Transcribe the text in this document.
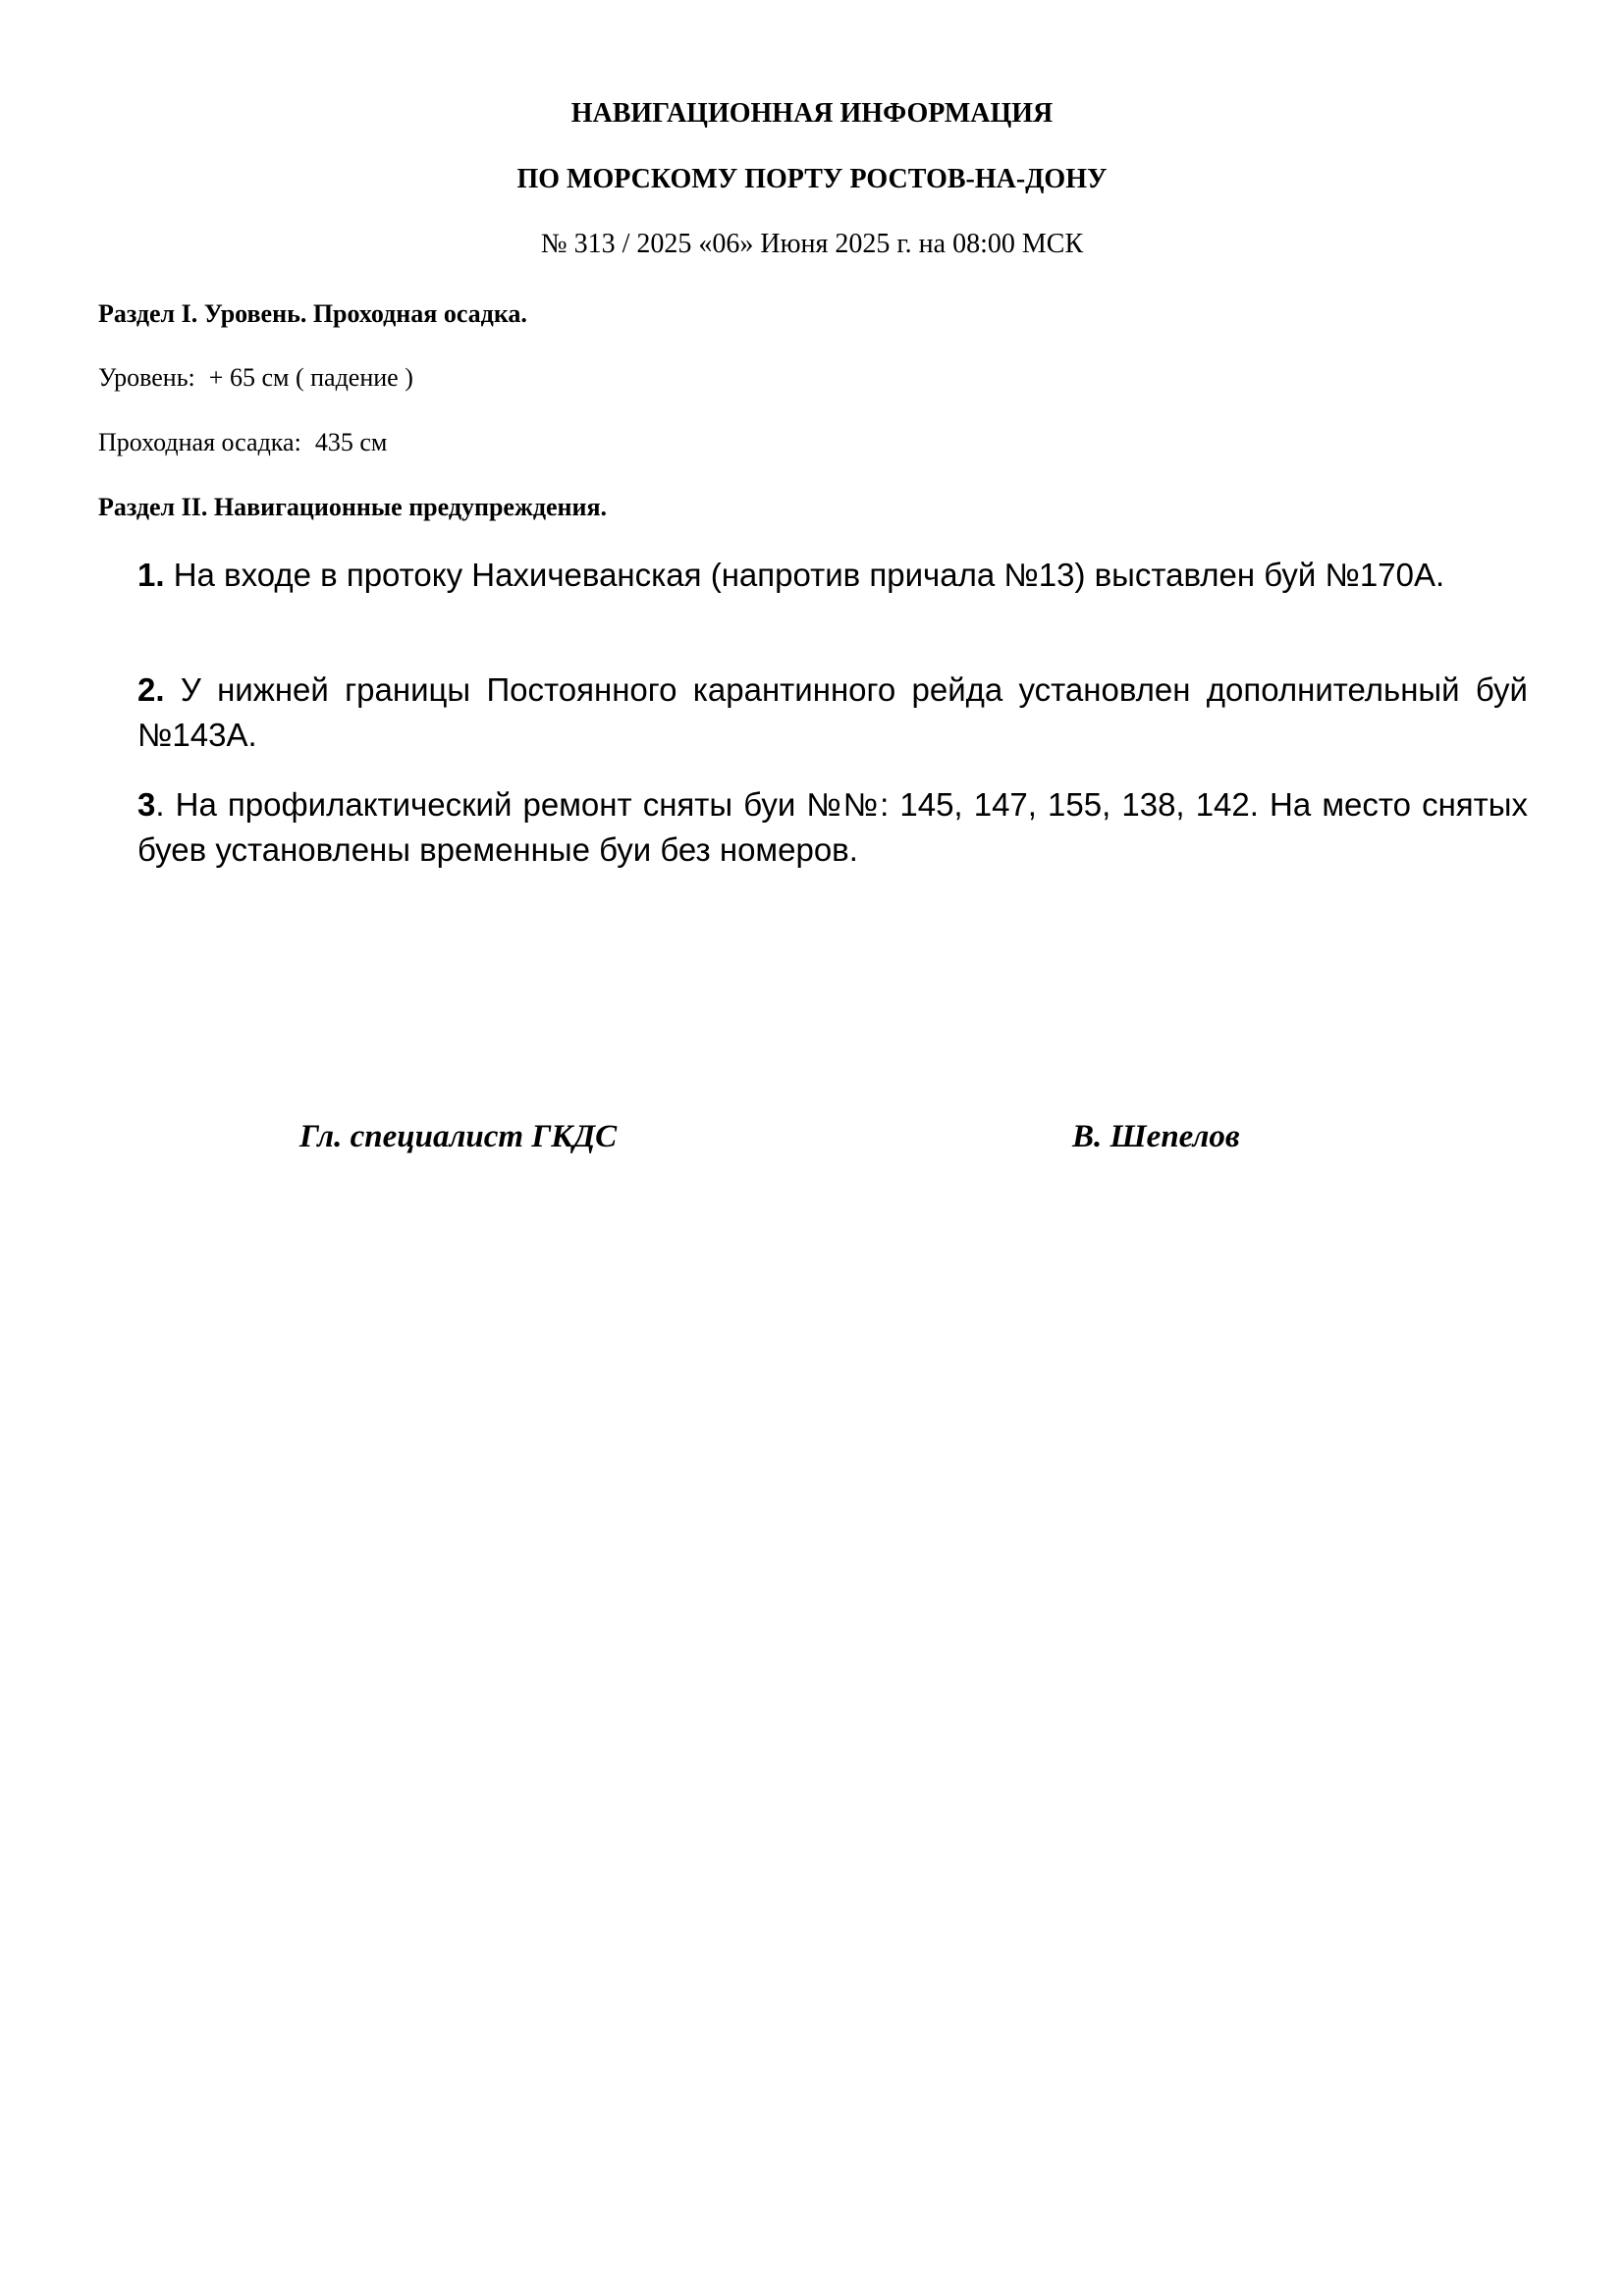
НАВИГАЦИОННАЯ ИНФОРМАЦИЯ
ПО МОРСКОМУ ПОРТУ РОСТОВ-НА-ДОНУ
№ 313 / 2025 «06» Июня 2025 г. на 08:00 МСК
Раздел I. Уровень. Проходная осадка.
Уровень: + 65 см ( падение )
Проходная осадка: 435 см
Раздел II. Навигационные предупреждения.
1. На входе в протоку Нахичеванская (напротив причала №13) выставлен буй №170А.
2. У нижней границы Постоянного карантинного рейда установлен дополнительный буй №143А.
3. На профилактический ремонт сняты буи №№: 145, 147, 155, 138, 142. На место снятых буев установлены временные буи без номеров.
Гл. специалист ГКДС	В. Шепелов
